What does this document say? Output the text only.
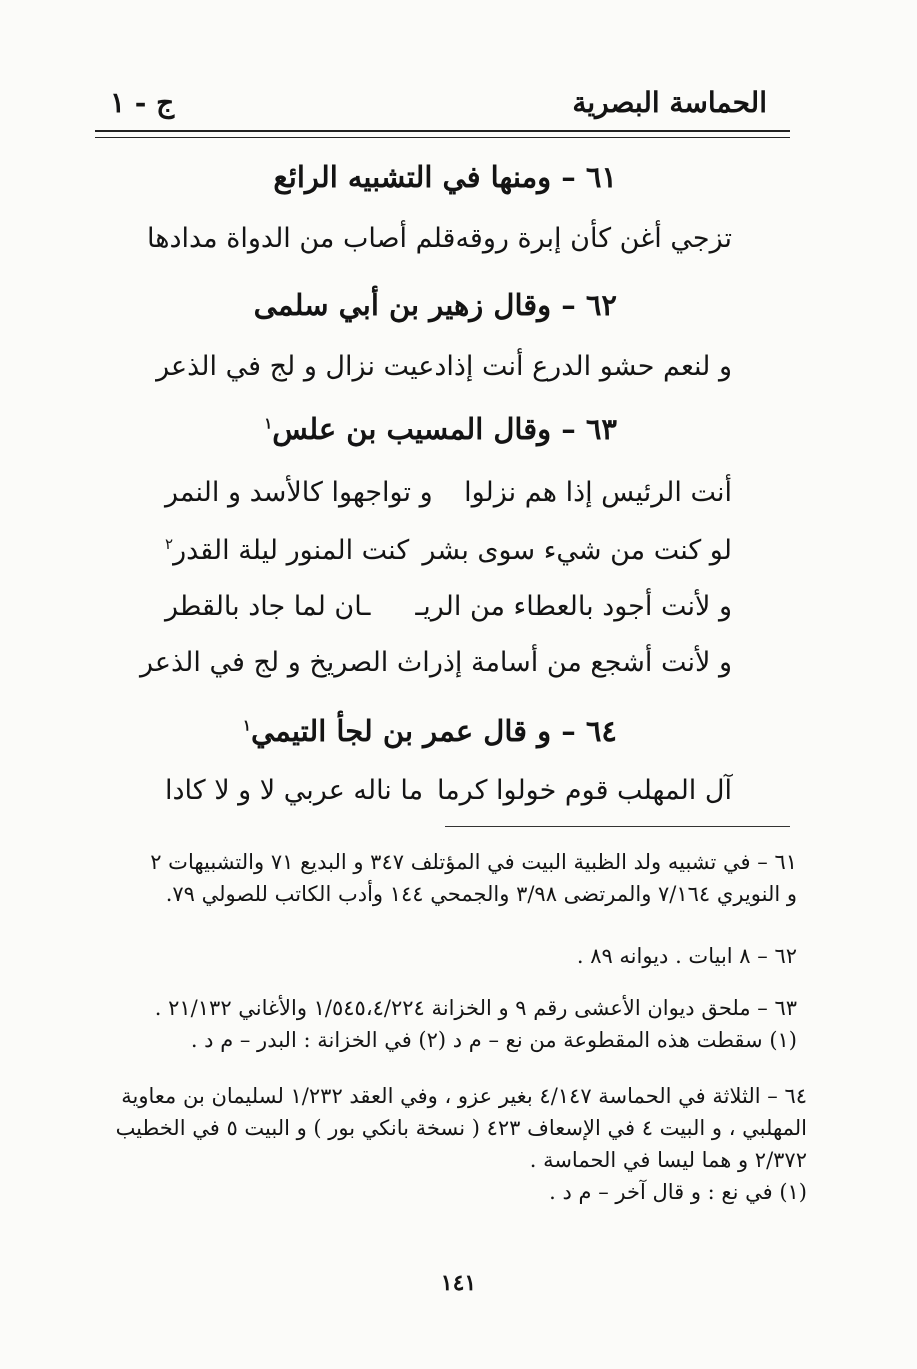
الحماسة البصرية
ج - ١
٦١ – ومنها في التشبيه الرائع
تزجي أغن كأن إبرة روقه
قلم أصاب من الدواة مدادها
٦٢ – وقال زهير بن أبي سلمى
و لنعم حشو الدرع أنت إذا
دعيت نزال و لج في الذعر
٦٣ – وقال المسيب بن علس$^١$
أنت الرئيس إذا هم نزلوا
و تواجهوا كالأسد و النمر
لو كنت من شيء سوى بشر
كنت المنور ليلة القدر$^٢$
و لأنت أجود بالعطاء من الريـ
ـان لما جاد بالقطر
و لأنت أشجع من أسامة إذ
راث الصريخ و لج في الذعر
٦٤ – و قال عمر بن لجأ التيمي$^١$
آل المهلب قوم خولوا كرما
ما ناله عربي لا و لا كادا
٦١ – في تشبيه ولد الظبية البيت في المؤتلف ٣٤٧ و البديع ٧١ والتشبيهات ٢
و النويري ٧/١٦٤ والمرتضى ٣/٩٨ والجمحي ١٤٤ وأدب الكاتب للصولي ٧٩.
٦٢ – ٨ ابيات . ديوانه ٨٩ .
٦٣ – ملحق ديوان الأعشى رقم ٩ و الخزانة ١/٥٤٥،٤/٢٢٤ والأغاني ٢١/١٣٢ .
(١) سقطت هذه المقطوعة من نع – م د (٢) في الخزانة : البدر – م د .
٦٤ – الثلاثة في الحماسة ٤/١٤٧ بغير عزو ، وفي العقد ١/٢٣٢ لسليمان بن معاوية
المهلبي ، و البيت ٤ في الإسعاف ٤٢٣ ( نسخة بانكي بور ) و البيت ٥ في الخطيب
٢/٣٧٢ و هما ليسا في الحماسة .
(١) في نع : و قال آخر – م د .
١٤١
